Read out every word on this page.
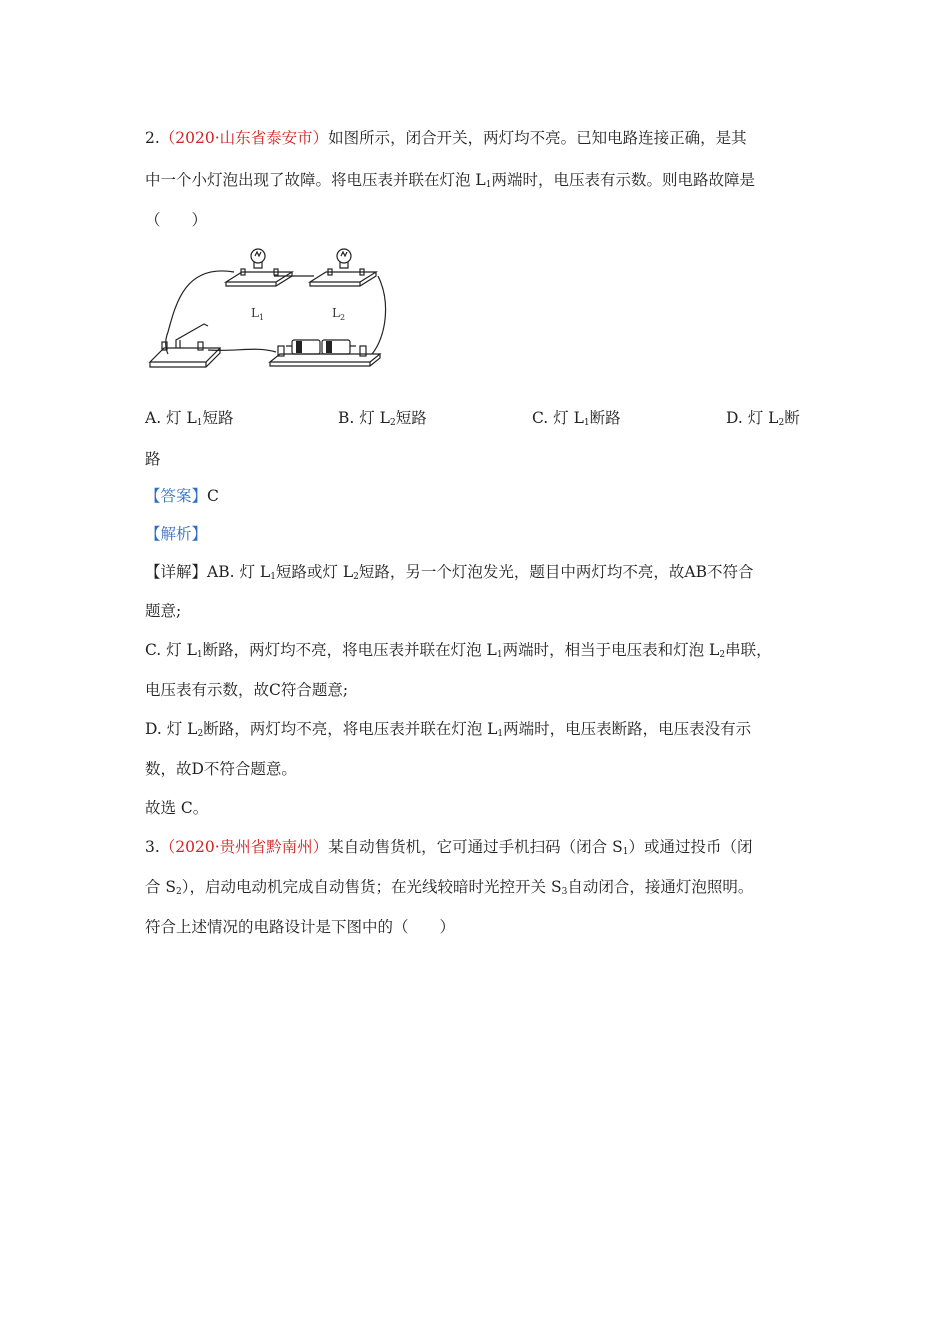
2.（2020·山东省泰安市）如图所示，闭合开关，两灯均不亮。已知电路连接正确，是其
中一个小灯泡出现了故障。将电压表并联在灯泡 $L_1$两端时，电压表有示数。则电路故障是
（　　）
$L_1$	$L_2$
A. 灯 $L_1$短路	B. 灯 $L_2$短路	C. 灯 $L_1$断路	D. 灯 $L_2$断
路
【答案】C
【解析】
【详解】AB. 灯 $L_1$短路或灯 $L_2$短路，另一个灯泡发光，题目中两灯均不亮，故AB不符合
题意;
C. 灯 $L_1$断路，两灯均不亮，将电压表并联在灯泡 $L_1$两端时，相当于电压表和灯泡 $L_2$串联，
电压表有示数，故C符合题意;
D. 灯 $L_2$断路，两灯均不亮，将电压表并联在灯泡 $L_1$两端时，电压表断路，电压表没有示
数，故D不符合题意。
故选 C。
3.（2020·贵州省黔南州）某自动售货机，它可通过手机扫码（闭合 $S_1$）或通过投币（闭
合 $S_2$），启动电动机完成自动售货；在光线较暗时光控开关 $S_3$自动闭合，接通灯泡照明。
符合上述情况的电路设计是下图中的（　　）
